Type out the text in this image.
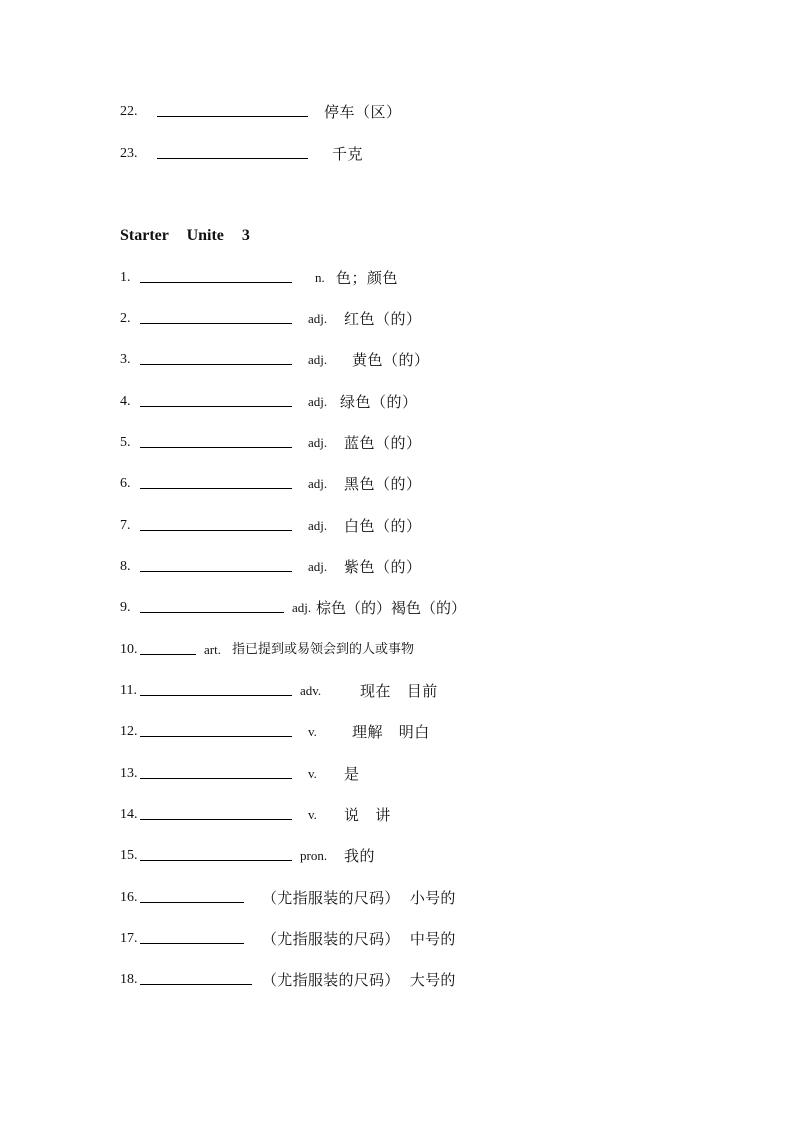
22.	停车（区）
23.	千克
Starter Unite 3
1.	n. 色；颜色
2.	adj. 红色（的）
3.	adj. 黄色（的）
4.	adj. 绿色（的）
5.	adj. 蓝色（的）
6.	adj. 黑色（的）
7.	adj. 白色（的）
8.	adj. 紫色（的）
9.	adj. 棕色（的）褐色（的）
10.	art. 指已提到或易领会到的人或事物
11.	adv.	现在   目前
12.	v. 理解   明白
13.	v. 是
14.	v. 说   讲
15.	pron. 我的
16.	（尤指服装的尺码）  小号的
17.	（尤指服装的尺码）  中号的
18.	（尤指服装的尺码）  大号的
